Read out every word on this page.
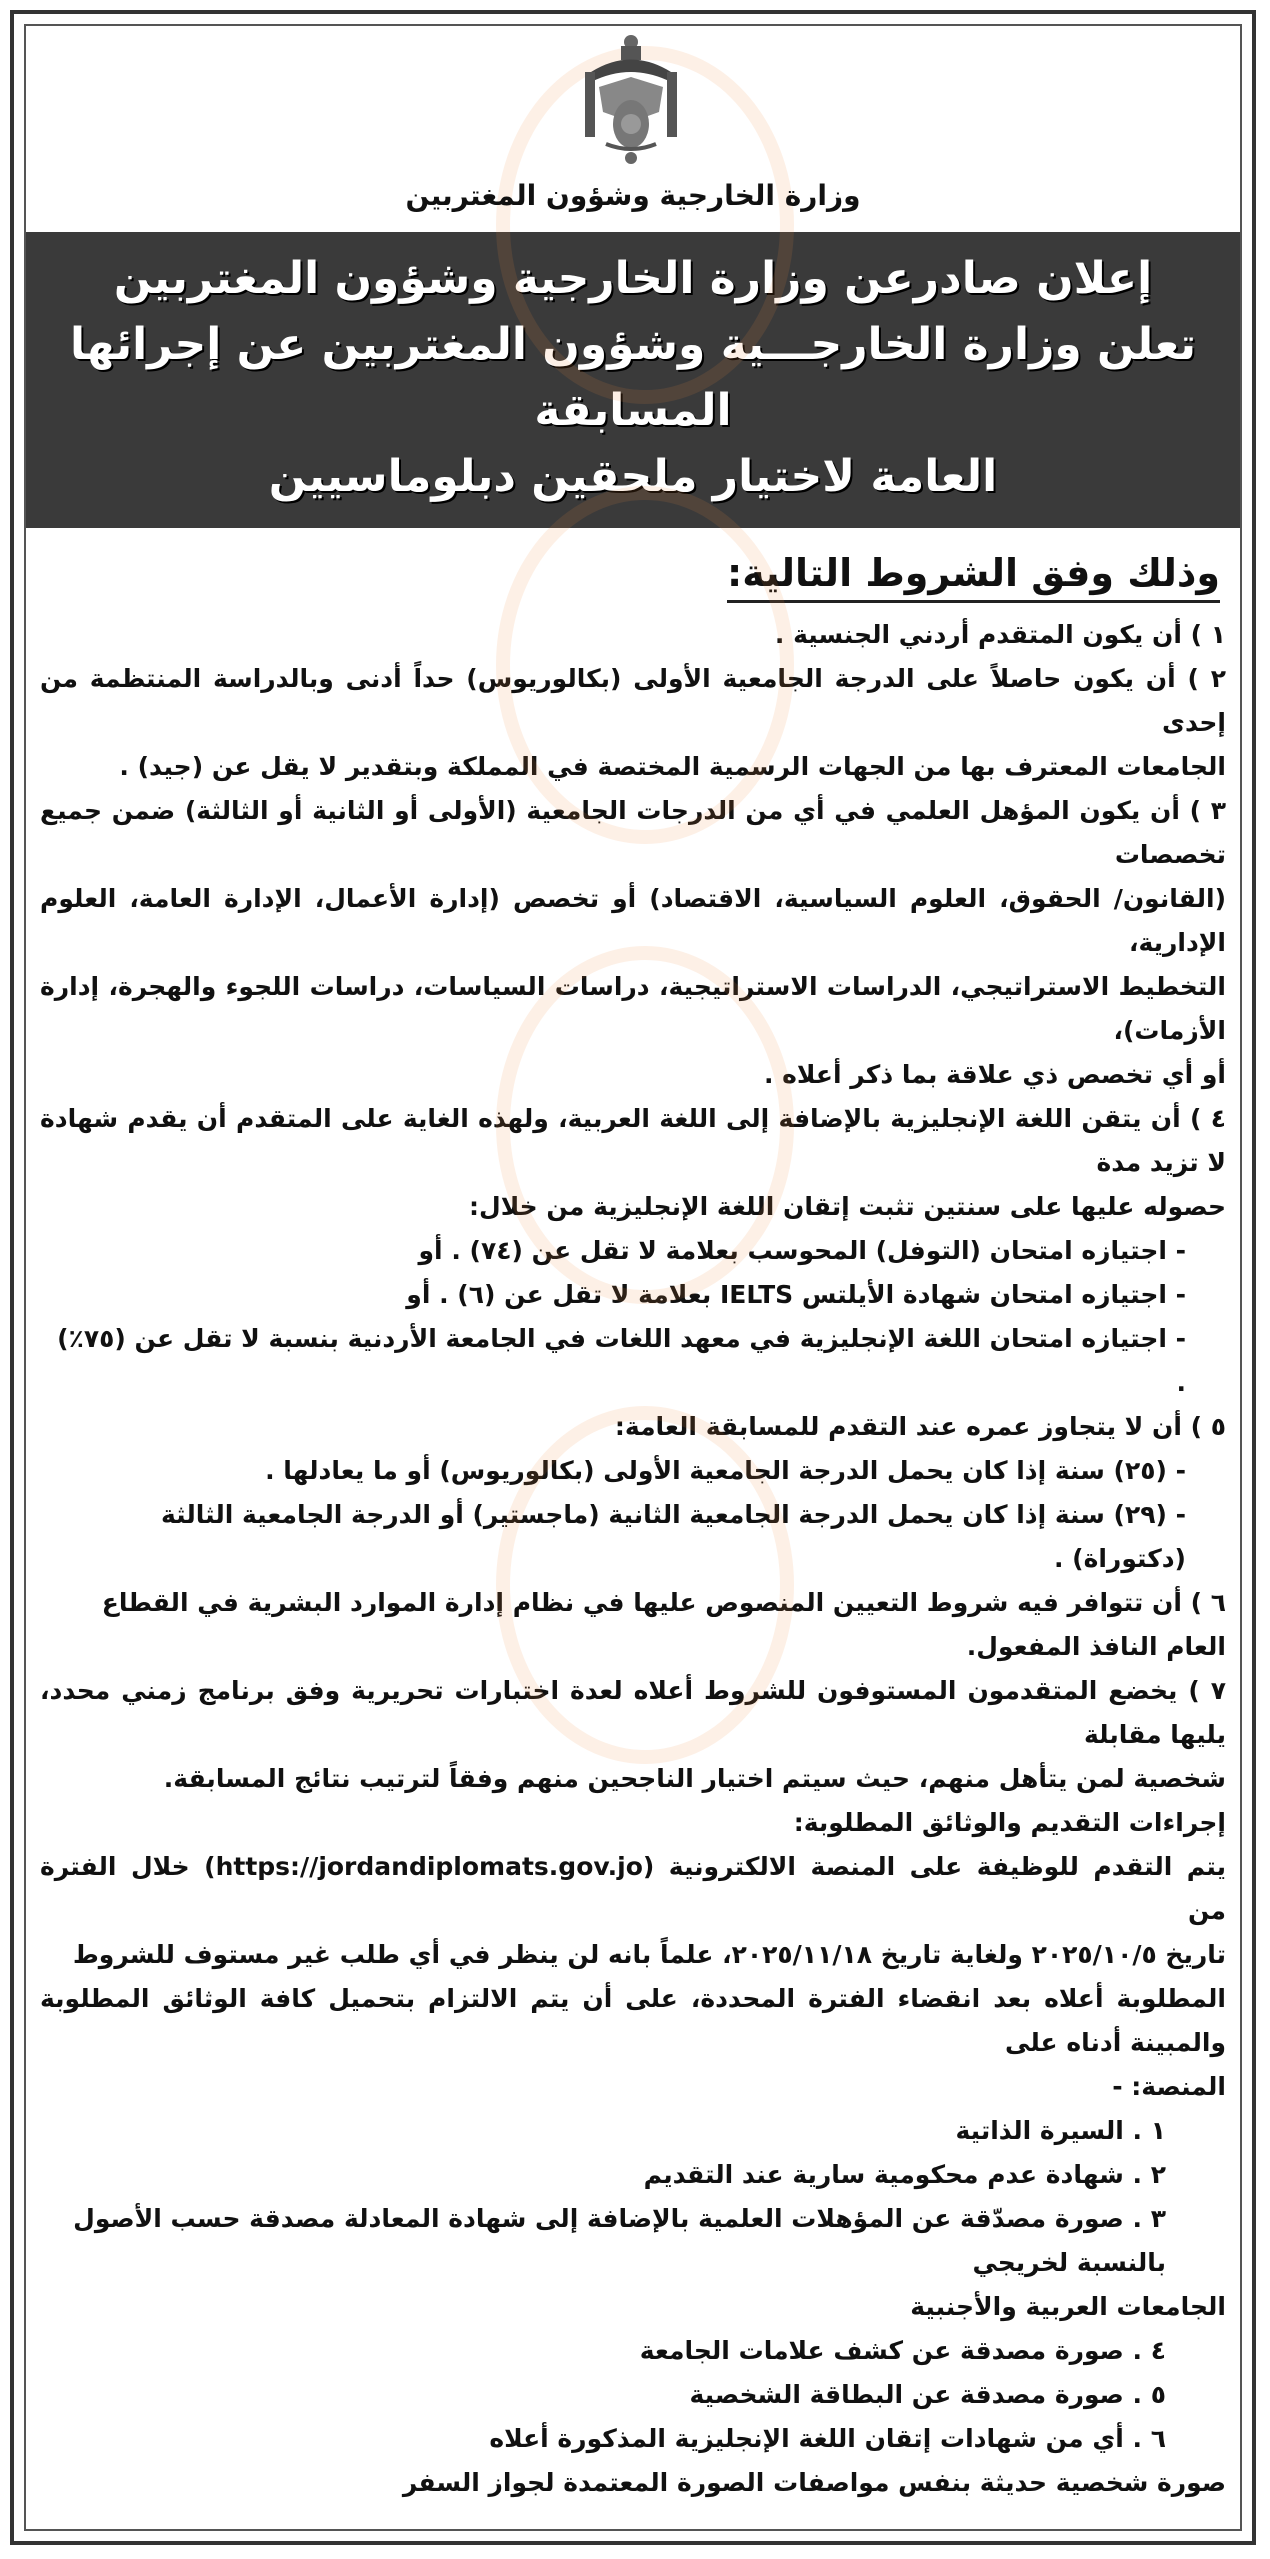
وزارة الخارجية وشؤون المغتربين
إعلان صادرعن وزارة الخارجية وشؤون المغتربين
تعلن وزارة الخارجـــية وشؤون المغتربين عن إجرائها المسابقة
العامة لاختيار ملحقين دبلوماسيين
وذلك وفق الشروط التالية:
١ ) أن يكون المتقدم أردني الجنسية .
٢ ) أن يكون حاصلاً على الدرجة الجامعية الأولى (بكالوريوس) حداً أدنى وبالدراسة المنتظمة من إحدى
الجامعات المعترف بها من الجهات الرسمية المختصة في المملكة وبتقدير لا يقل عن (جيد) .
٣ ) أن يكون المؤهل العلمي في أي من الدرجات الجامعية (الأولى أو الثانية أو الثالثة) ضمن جميع تخصصات
(القانون/ الحقوق، العلوم السياسية، الاقتصاد) أو تخصص (إدارة الأعمال، الإدارة العامة، العلوم الإدارية،
التخطيط الاستراتيجي، الدراسات الاستراتيجية، دراسات السياسات، دراسات اللجوء والهجرة، إدارة الأزمات)،
أو أي تخصص ذي علاقة بما ذكر أعلاه .
٤ ) أن يتقن اللغة الإنجليزية بالإضافة إلى اللغة العربية، ولهذه الغاية على المتقدم أن يقدم شهادة لا تزيد مدة
حصوله عليها على سنتين تثبت إتقان اللغة الإنجليزية من خلال:
- اجتيازه امتحان (التوفل) المحوسب بعلامة لا تقل عن (٧٤) . أو
- اجتيازه امتحان شهادة الأيلتس IELTS بعلامة لا تقل عن (٦) . أو
- اجتيازه امتحان اللغة الإنجليزية في معهد اللغات في الجامعة الأردنية بنسبة لا تقل عن (٧٥٪) .
٥ ) أن لا يتجاوز عمره عند التقدم للمسابقة العامة:
- (٢٥) سنة إذا كان يحمل الدرجة الجامعية الأولى (بكالوريوس) أو ما يعادلها .
- (٢٩) سنة إذا كان يحمل الدرجة الجامعية الثانية (ماجستير) أو الدرجة الجامعية الثالثة (دكتوراة) .
٦ ) أن تتوافر فيه شروط التعيين المنصوص عليها في نظام إدارة الموارد البشرية في القطاع العام النافذ المفعول.
٧ ) يخضع المتقدمون المستوفون للشروط أعلاه لعدة اختبارات تحريرية وفق برنامج زمني محدد، يليها مقابلة
شخصية لمن يتأهل منهم، حيث سيتم اختيار الناجحين منهم وفقاً لترتيب نتائج المسابقة.
إجراءات التقديم والوثائق المطلوبة:
يتم التقدم للوظيفة على المنصة الالكترونية (https://jordandiplomats.gov.jo) خلال الفترة من
تاريخ ٢٠٢٥/١٠/٥ ولغاية تاريخ ٢٠٢٥/١١/١٨، علماً بانه لن ينظر في أي طلب غير مستوف للشروط
المطلوبة أعلاه بعد انقضاء الفترة المحددة، على أن يتم الالتزام بتحميل كافة الوثائق المطلوبة والمبينة أدناه على
المنصة: -
١ . السيرة الذاتية
٢ . شهادة عدم محكومية سارية عند التقديم
٣ . صورة مصدّقة عن المؤهلات العلمية بالإضافة إلى شهادة المعادلة مصدقة حسب الأصول بالنسبة لخريجي
الجامعات العربية والأجنبية
٤ . صورة مصدقة عن كشف علامات الجامعة
٥ . صورة مصدقة عن البطاقة الشخصية
٦ . أي من شهادات إتقان اللغة الإنجليزية المذكورة أعلاه
صورة شخصية حديثة بنفس مواصفات الصورة المعتمدة لجواز السفر
